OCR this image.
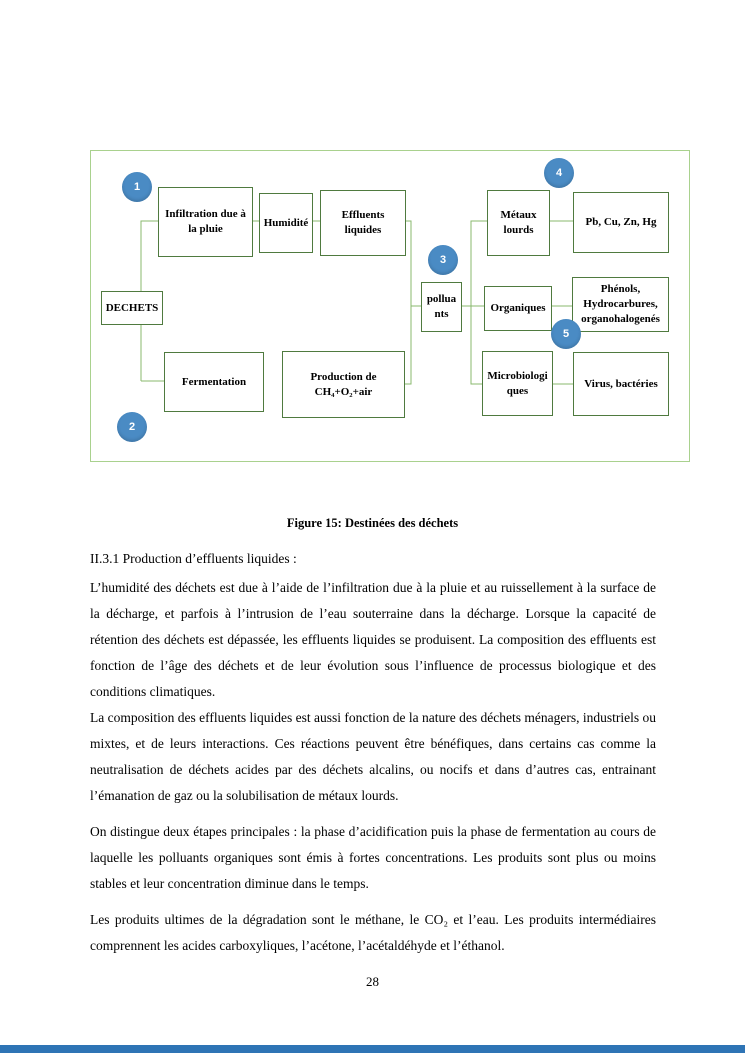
DECHETS
Infiltration due à la pluie
Humidité
Effluents liquides
Fermentation	Production de CH₄+O₂+air
polluants
Métaux lourds
Pb, Cu, Zn, Hg
Organiques
Phénols, Hydrocarbures, organohalogenés
Microbiologiques
Virus, bactéries
1
2
3
4
5
Figure 15: Destinées des déchets
II.3.1 Production d’effluents liquides :

L’humidité des déchets est due à l’aide de l’infiltration due à la pluie et au ruissellement à la surface de la décharge, et parfois à l’intrusion de l’eau souterraine dans la décharge. Lorsque la capacité de rétention des déchets est dépassée, les effluents liquides se produisent. La composition des effluents est fonction de l’âge des déchets et de leur évolution sous l’influence de processus biologique et des conditions climatiques.

La composition des effluents liquides est aussi fonction de la nature des déchets ménagers, industriels ou mixtes, et de leurs interactions. Ces réactions peuvent être bénéfiques, dans certains cas comme la neutralisation de déchets acides par des déchets alcalins, ou nocifs et dans d’autres cas, entrainant l’émanation de gaz ou la solubilisation de métaux lourds.

On distingue deux étapes principales : la phase d’acidification puis la phase de fermentation au cours de laquelle les polluants organiques sont émis à fortes concentrations. Les produits sont plus ou moins stables et leur concentration diminue dans le temps.

Les produits ultimes de la dégradation sont le méthane, le CO₂ et l’eau. Les produits intermédiaires comprennent les acides carboxyliques, l’acétone, l’acétaldéhyde et l’éthanol.

28
